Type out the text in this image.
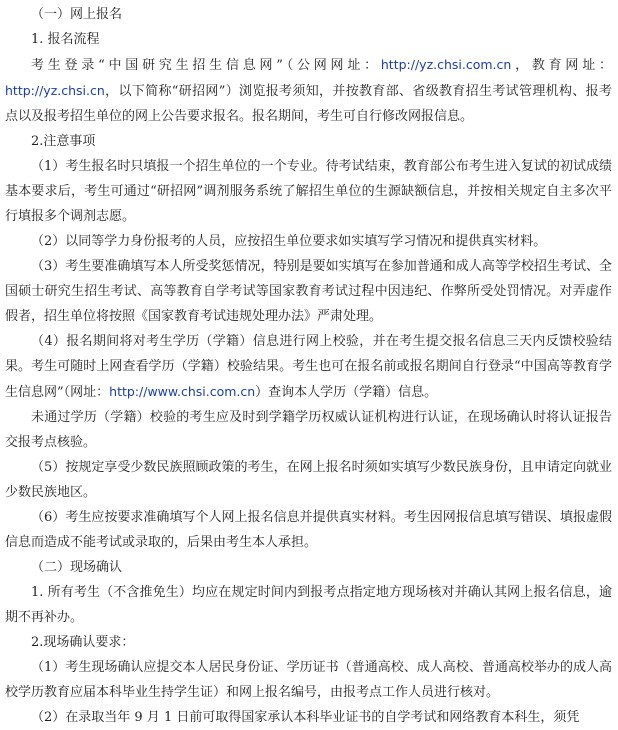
（一）网上报名

1. 报名流程

考生登录“中国研究生招生信息网”（公网网址：http://yz.chsi.com.cn，教育网址：http://yz.chsi.cn，以下简称“研招网”）浏览报考须知，并按教育部、省级教育招生考试管理机构、报考点以及报考招生单位的网上公告要求报名。报名期间，考生可自行修改网报信息。

2.注意事项

（1）考生报名时只填报一个招生单位的一个专业。待考试结束，教育部公布考生进入复试的初试成绩基本要求后，考生可通过“研招网”调剂服务系统了解招生单位的生源缺额信息，并按相关规定自主多次平行填报多个调剂志愿。

（2）以同等学力身份报考的人员，应按招生单位要求如实填写学习情况和提供真实材料。

（3）考生要准确填写本人所受奖惩情况，特别是要如实填写在参加普通和成人高等学校招生考试、全国硕士研究生招生考试、高等教育自学考试等国家教育考试过程中因违纪、作弊所受处罚情况。对弄虚作假者，招生单位将按照《国家教育考试违规处理办法》严肃处理。

（4）报名期间将对考生学历（学籍）信息进行网上校验，并在考生提交报名信息三天内反馈校验结果。考生可随时上网查看学历（学籍）校验结果。考生也可在报名前或报名期间自行登录“中国高等教育学生信息网”（网址：http://www.chsi.com.cn）查询本人学历（学籍）信息。

未通过学历（学籍）校验的考生应及时到学籍学历权威认证机构进行认证，在现场确认时将认证报告交报考点核验。

（5）按规定享受少数民族照顾政策的考生，在网上报名时须如实填写少数民族身份，且申请定向就业少数民族地区。

（6）考生应按要求准确填写个人网上报名信息并提供真实材料。考生因网报信息填写错误、填报虚假信息而造成不能考试或录取的，后果由考生本人承担。

（二）现场确认

1. 所有考生（不含推免生）均应在规定时间内到报考点指定地方现场核对并确认其网上报名信息，逾期不再补办。

2.现场确认要求：

（1）考生现场确认应提交本人居民身份证、学历证书（普通高校、成人高校、普通高校举办的成人高校学历教育应届本科毕业生持学生证）和网上报名编号，由报考点工作人员进行核对。

（2）在录取当年 9 月 1 日前可取得国家承认本科毕业证书的自学考试和网络教育本科生，须凭
